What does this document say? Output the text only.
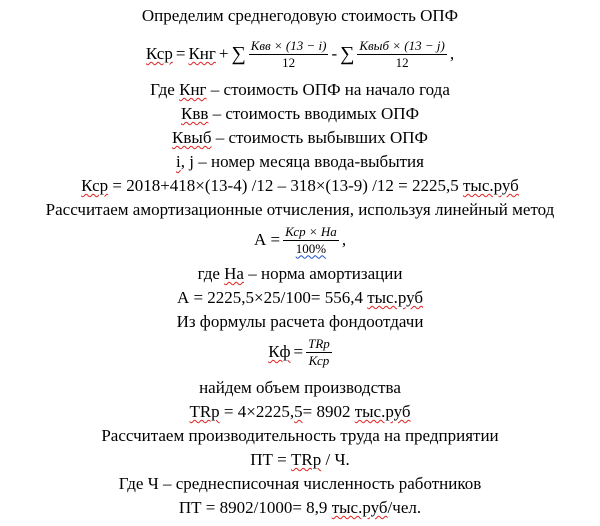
Определим среднегодовую стоимость ОПФ
Кср = Кнг + ∑ $\frac{\text{Квв × (13 − i)}}{12}$ - ∑ $\frac{\text{Квыб × (13 − j)}}{12}$ ,
Где Кнг – стоимость ОПФ на начало года
Квв – стоимость вводимых ОПФ
Квыб – стоимость выбывших ОПФ
i, j – номер месяца ввода-выбытия
Кср = 2018+418×(13-4) /12 – 318×(13-9) /12 = 2225,5 тыс.руб
Рассчитаем амортизационные отчисления, используя линейный метод
$А = \frac{\text{Кср × На}}{100\%}$ ,
где На – норма амортизации
А = 2225,5×25/100= 556,4 тыс.руб
Из формулы расчета фондоотдачи
Кф = $\frac{\text{TRp}}{\text{Кср}}$
найдем объем производства
TRp = 4×2225,5= 8902 тыс.руб
Рассчитаем производительность труда на предприятии
ПТ = TRp / Ч.
Где Ч – среднесписочная численность работников
ПТ = 8902/1000= 8,9 тыс.руб/чел.
